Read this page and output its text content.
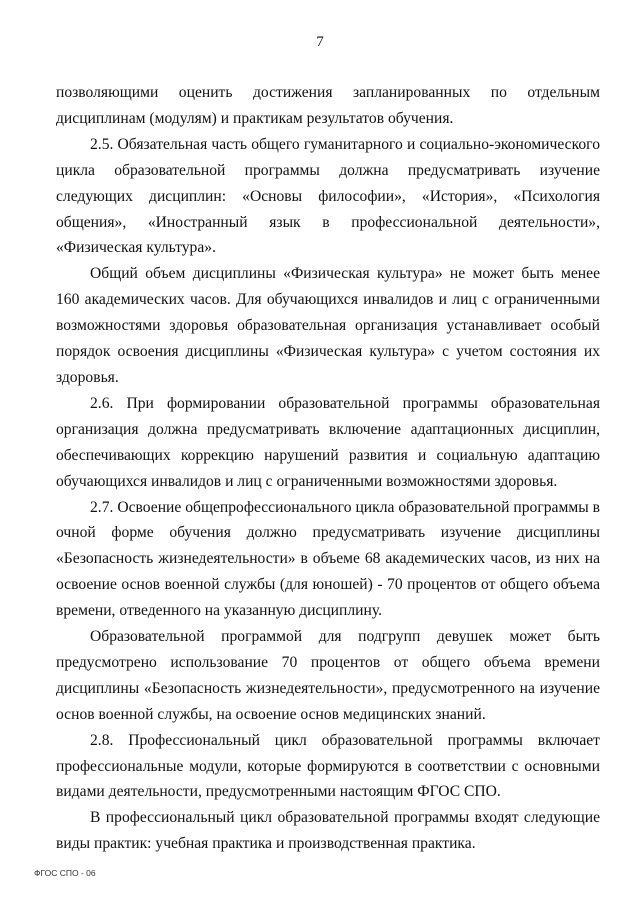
7

позволяющими оценить достижения запланированных по отдельным дисциплинам (модулям) и практикам результатов обучения.

2.5. Обязательная часть общего гуманитарного и социально-экономического цикла образовательной программы должна предусматривать изучение следующих дисциплин: «Основы философии», «История», «Психология общения», «Иностранный язык в профессиональной деятельности», «Физическая культура».

Общий объем дисциплины «Физическая культура» не может быть менее 160 академических часов. Для обучающихся инвалидов и лиц с ограниченными возможностями здоровья образовательная организация устанавливает особый порядок освоения дисциплины «Физическая культура» с учетом состояния их здоровья.

2.6. При формировании образовательной программы образовательная организация должна предусматривать включение адаптационных дисциплин, обеспечивающих коррекцию нарушений развития и социальную адаптацию обучающихся инвалидов и лиц с ограниченными возможностями здоровья.

2.7. Освоение общепрофессионального цикла образовательной программы в очной форме обучения должно предусматривать изучение дисциплины «Безопасность жизнедеятельности» в объеме 68 академических часов, из них на освоение основ военной службы (для юношей) - 70 процентов от общего объема времени, отведенного на указанную дисциплину.

Образовательной программой для подгрупп девушек может быть предусмотрено использование 70 процентов от общего объема времени дисциплины «Безопасность жизнедеятельности», предусмотренного на изучение основ военной службы, на освоение основ медицинских знаний.

2.8. Профессиональный цикл образовательной программы включает профессиональные модули, которые формируются в соответствии с основными видами деятельности, предусмотренными настоящим ФГОС СПО.

В профессиональный цикл образовательной программы входят следующие виды практик: учебная практика и производственная практика.

ФГОС СПО - 06
